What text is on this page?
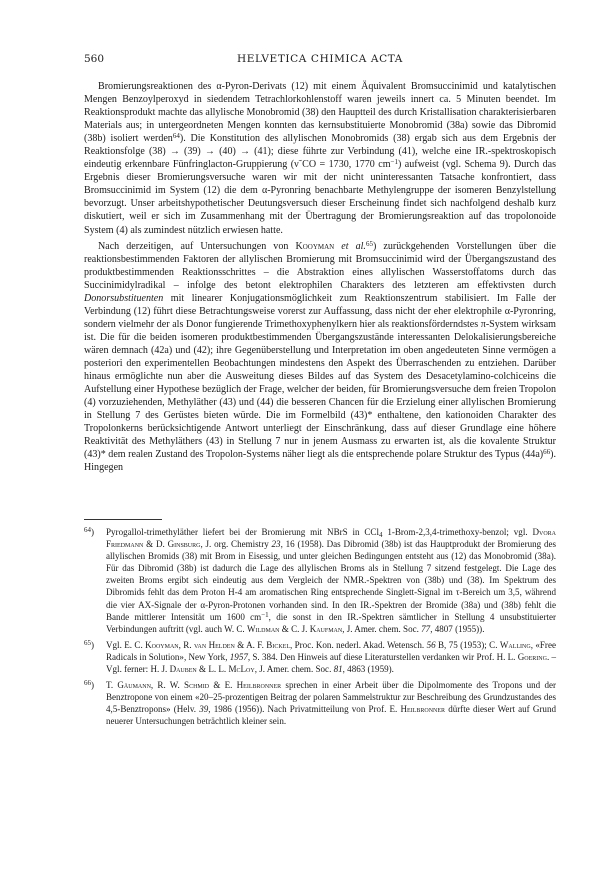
560	HELVETICA CHIMICA ACTA

Bromierungsreaktionen des α-Pyron-Derivats (12) mit einem Äquivalent Bromsuccinimid und katalytischen Mengen Benzoylperoxyd in siedendem Tetrachlorkohlenstoff waren jeweils innert ca. 5 Minuten beendet. Im Reaktionsprodukt machte das allylische Monobromid (38) den Hauptteil des durch Kristallisation charakterisierbaren Materials aus; in untergeordneten Mengen konnten das kernsubstituierte Monobromid (38a) sowie das Dibromid (38b) isoliert werden$^{64}$). Die Konstitution des allylischen Monobromids (38) ergab sich aus dem Ergebnis der Reaktionsfolge (38) → (39) → (40) → (41); diese führte zur Verbindung (41), welche eine IR.-spektroskopisch eindeutig erkennbare Fünfringlacton-Gruppierung (ν̃ CO = 1730, 1770 $cm^{-1}$) aufweist (vgl. Schema 9). Durch das Ergebnis dieser Bromierungsversuche waren wir mit der nicht uninteressanten Tatsache konfrontiert, dass Bromsuccinimid im System (12) die dem α-Pyronring benachbarte Methylengruppe der isomeren Benzylstellung bevorzugt. Unser arbeitshypothetischer Deutungsversuch dieser Erscheinung findet sich nachfolgend deshalb kurz diskutiert, weil er sich im Zusammenhang mit der Übertragung der Bromierungsreaktion auf das tropolonoide System (4) als zumindest nützlich erwiesen hatte.

Nach derzeitigen, auf Untersuchungen von Kooyman et al.$^{65}$) zurückgehenden Vorstellungen über die reaktionsbestimmenden Faktoren der allylischen Bromierung mit Bromsuccinimid wird der Übergangszustand des produktbestimmenden Reaktionsschrittes – die Abstraktion eines allylischen Wasserstoffatoms durch das Succinimidylradikal – infolge des betont elektrophilen Charakters des letzteren am effektivsten durch Donorsubstituenten mit linearer Konjugationsmöglichkeit zum Reaktionszentrum stabilisiert. Im Falle der Verbindung (12) führt diese Betrachtungsweise vorerst zur Auffassung, dass nicht der eher elektrophile α-Pyronring, sondern vielmehr der als Donor fungierende Trimethoxyphenylkern hier als reaktionsförderndstes π-System wirksam ist. Die für die beiden isomeren produktbestimmenden Übergangszustände interessanten Delokalisierungsbereiche wären demnach (42a) und (42); ihre Gegenüberstellung und Interpretation im oben angedeuteten Sinne vermögen a posteriori den experimentellen Beobachtungen mindestens den Aspekt des Überraschenden zu entziehen. Darüber hinaus ermöglichte nun aber die Ausweitung dieses Bildes auf das System des Desacetylamino-colchiceins die Aufstellung einer Hypothese bezüglich der Frage, welcher der beiden, für Bromierungsversuche dem freien Tropolon (4) vorzuziehenden, Methyläther (43) und (44) die besseren Chancen für die Erzielung einer allylischen Bromierung in Stellung 7 des Gerüstes bieten würde. Die im Formelbild (43)* enthaltene, den kationoiden Charakter des Tropolonkerns berücksichtigende Antwort unterliegt der Einschränkung, dass auf dieser Grundlage eine höhere Reaktivität des Methyläthers (43) in Stellung 7 nur in jenem Ausmass zu erwarten ist, als die kovalente Struktur (43)* dem realen Zustand des Tropolon-Systems näher liegt als die entsprechende polare Struktur des Typus $(44a)^{66}$). Hingegen

$^{64}$) Pyrogallol-trimethyläther liefert bei der Bromierung mit NBrS in CCl$_4$ 1-Brom-2,3,4-trimethoxy-benzol; vgl. Dvora Friedmann & D. Ginsburg, J. org. Chemistry 23, 16 (1958). Das Dibromid (38b) ist das Hauptprodukt der Bromierung des allylischen Bromids (38) mit Brom in Eisessig, und unter gleichen Bedingungen entsteht aus (12) das Monobromid (38a). Für das Dibromid (38b) ist dadurch die Lage des allylischen Broms als in Stellung 7 sitzend festgelegt. Die Lage des zweiten Broms ergibt sich eindeutig aus dem Vergleich der NMR.-Spektren von (38b) und (38). Im Spektrum des Dibromids fehlt das dem Proton H-4 am aromatischen Ring entsprechende Singlett-Signal im τ-Bereich um 3,5, während die vier AX-Signale der α-Pyron-Protonen vorhanden sind. In den IR.-Spektren der Bromide (38a) und (38b) fehlt die Bande mittlerer Intensität um 1600 $cm^{-1}$, die sonst in den IR.-Spektren sämtlicher in Stellung 4 unsubstituierter Verbindungen auftritt (vgl. auch W. C. Wildman & C. J. Kaufman, J. Amer. chem. Soc. 77, 4807 (1955)).
$^{65}$) Vgl. E. C. Kooyman, R. van Helden & A. F. Bickel, Proc. Kon. nederl. Akad. Wetensch. 56 B, 75 (1953); C. Walling, «Free Radicals in Solution», New York, 1957, S. 384. Den Hinweis auf diese Literaturstellen verdanken wir Prof. H. L. Goering. – Vgl. ferner: H. J. Dauben & L. L. McLoy, J. Amer. chem. Soc. 81, 4863 (1959).
$^{66}$) T. Gäumann, R. W. Schmid & E. Heilbronner sprechen in einer Arbeit über die Dipolmomente des Tropons und der Benztropone von einem «20–25-prozentigen Beitrag der polaren Sammelstruktur zur Beschreibung des Grundzustandes des 4,5-Benztropons» (Helv. 39, 1986 (1956)). Nach Privatmitteilung von Prof. E. Heilbronner dürfte dieser Wert auf Grund neuerer Untersuchungen beträchtlich kleiner sein.
